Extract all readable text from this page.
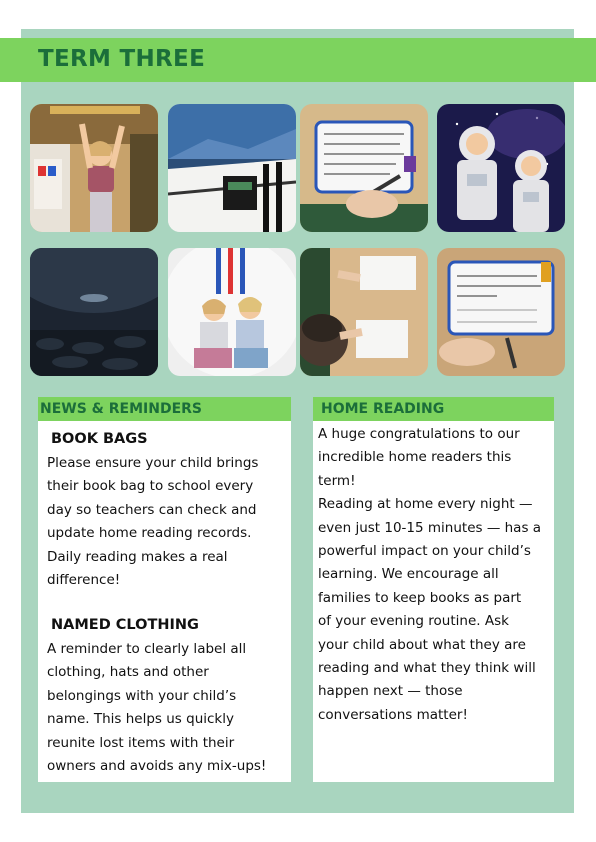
TERM THREE
NEWS & REMINDERS
BOOK BAGS
Please ensure your child brings
their book bag to school every
day so teachers can check and
update home reading records.
Daily reading makes a real
difference!
NAMED CLOTHING
A reminder to clearly label all
clothing, hats and other
belongings with your child’s
name. This helps us quickly
reunite lost items with their
owners and avoids any mix-ups!
HOME READING
A huge congratulations to our
incredible home readers this
term!
Reading at home every night —
even just 10-15 minutes — has a
powerful impact on your child’s
learning. We encourage all
families to keep books as part
of your evening routine. Ask
your child about what they are
reading and what they think will
happen next — those
conversations matter!
